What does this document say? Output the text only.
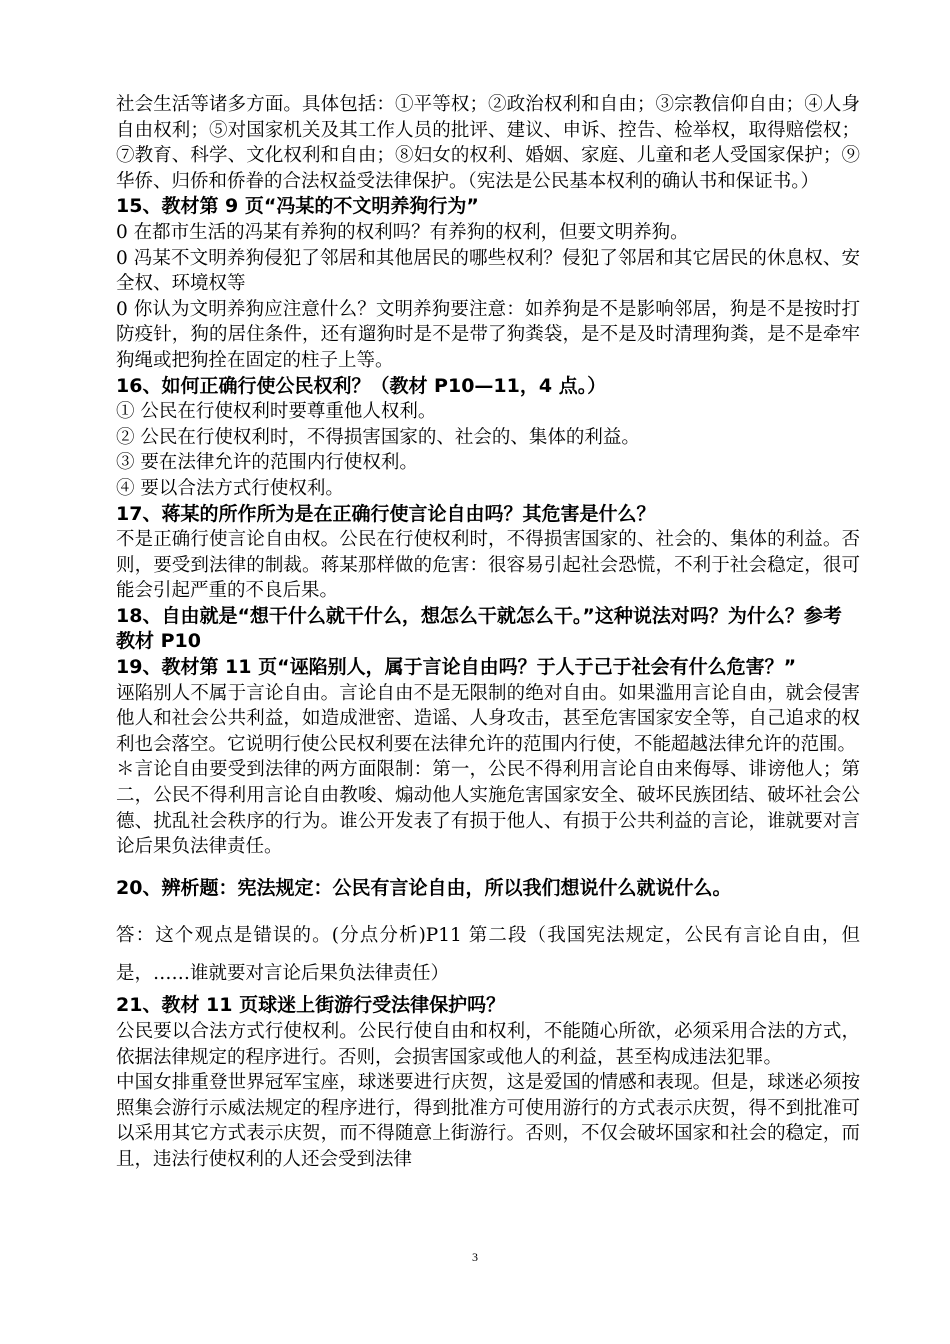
社会生活等诸多方面。具体包括：①平等权；②政治权利和自由；③宗教信仰自由；④人身自由权利；⑤对国家机关及其工作人员的批评、建议、申诉、控告、检举权，取得赔偿权；⑦教育、科学、文化权利和自由；⑧妇女的权利、婚姻、家庭、儿童和老人受国家保护；⑨华侨、归侨和侨眷的合法权益受法律保护。（宪法是公民基本权利的确认书和保证书。）

15、教材第 9 页“冯某的不文明养狗行为”

0 在都市生活的冯某有养狗的权利吗？有养狗的权利，但要文明养狗。

0 冯某不文明养狗侵犯了邻居和其他居民的哪些权利？侵犯了邻居和其它居民的休息权、安全权、环境权等

0 你认为文明养狗应注意什么？文明养狗要注意：如养狗是不是影响邻居，狗是不是按时打防疫针，狗的居住条件，还有遛狗时是不是带了狗粪袋，是不是及时清理狗粪，是不是牵牢狗绳或把狗拴在固定的柱子上等。

16、如何正确行使公民权利？（教材 P10—11，4 点。）

① 公民在行使权利时要尊重他人权利。

② 公民在行使权利时，不得损害国家的、社会的、集体的利益。

③ 要在法律允许的范围内行使权利。

④ 要以合法方式行使权利。

17、蒋某的所作所为是在正确行使言论自由吗？其危害是什么？

不是正确行使言论自由权。公民在行使权利时，不得损害国家的、社会的、集体的利益。否则，要受到法律的制裁。蒋某那样做的危害：很容易引起社会恐慌，不利于社会稳定，很可能会引起严重的不良后果。

18、自由就是“想干什么就干什么，想怎么干就怎么干。”这种说法对吗？为什么？参考教材 P10

19、教材第 11 页“诬陷别人，属于言论自由吗？于人于己于社会有什么危害？”

诬陷别人不属于言论自由。言论自由不是无限制的绝对自由。如果滥用言论自由，就会侵害他人和社会公共利益，如造成泄密、造谣、人身攻击，甚至危害国家安全等，自己追求的权利也会落空。它说明行使公民权利要在法律允许的范围内行使，不能超越法律允许的范围。

＊言论自由要受到法律的两方面限制：第一，公民不得利用言论自由来侮辱、诽谤他人；第二，公民不得利用言论自由教唆、煽动他人实施危害国家安全、破坏民族团结、破坏社会公德、扰乱社会秩序的行为。谁公开发表了有损于他人、有损于公共利益的言论，谁就要对言论后果负法律责任。

20、辨析题：宪法规定：公民有言论自由，所以我们想说什么就说什么。

答：这个观点是错误的。(分点分析)P11 第二段（我国宪法规定，公民有言论自由，但是，……谁就要对言论后果负法律责任）

21、教材 11 页球迷上街游行受法律保护吗？

公民要以合法方式行使权利。公民行使自由和权利，不能随心所欲，必须采用合法的方式，依据法律规定的程序进行。否则，会损害国家或他人的利益，甚至构成违法犯罪。

中国女排重登世界冠军宝座，球迷要进行庆贺，这是爱国的情感和表现。但是，球迷必须按照集会游行示威法规定的程序进行，得到批准方可使用游行的方式表示庆贺，得不到批准可以采用其它方式表示庆贺，而不得随意上街游行。否则，不仅会破坏国家和社会的稳定，而且，违法行使权利的人还会受到法律

3
